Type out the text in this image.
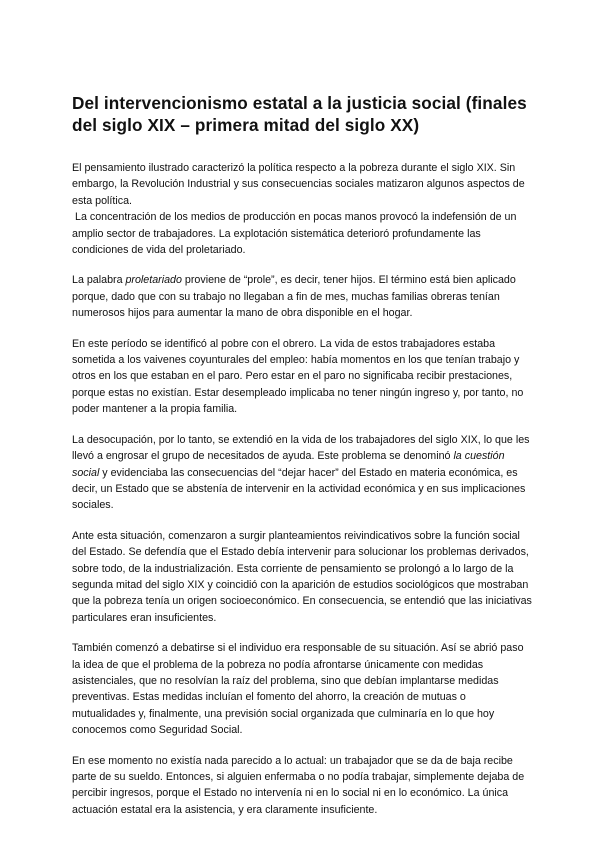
Del intervencionismo estatal a la justicia social (finales del siglo XIX – primera mitad del siglo XX)

El pensamiento ilustrado caracterizó la política respecto a la pobreza durante el siglo XIX. Sin embargo, la Revolución Industrial y sus consecuencias sociales matizaron algunos aspectos de esta política.

La concentración de los medios de producción en pocas manos provocó la indefensión de un amplio sector de trabajadores. La explotación sistemática deterioró profundamente las condiciones de vida del proletariado.

La palabra proletariado proviene de “prole”, es decir, tener hijos. El término está bien aplicado porque, dado que con su trabajo no llegaban a fin de mes, muchas familias obreras tenían numerosos hijos para aumentar la mano de obra disponible en el hogar.

En este período se identificó al pobre con el obrero. La vida de estos trabajadores estaba sometida a los vaivenes coyunturales del empleo: había momentos en los que tenían trabajo y otros en los que estaban en el paro. Pero estar en el paro no significaba recibir prestaciones, porque estas no existían. Estar desempleado implicaba no tener ningún ingreso y, por tanto, no poder mantener a la propia familia.

La desocupación, por lo tanto, se extendió en la vida de los trabajadores del siglo XIX, lo que les llevó a engrosar el grupo de necesitados de ayuda. Este problema se denominó la cuestión social y evidenciaba las consecuencias del “dejar hacer” del Estado en materia económica, es decir, un Estado que se abstenía de intervenir en la actividad económica y en sus implicaciones sociales.

Ante esta situación, comenzaron a surgir planteamientos reivindicativos sobre la función social del Estado. Se defendía que el Estado debía intervenir para solucionar los problemas derivados, sobre todo, de la industrialización. Esta corriente de pensamiento se prolongó a lo largo de la segunda mitad del siglo XIX y coincidió con la aparición de estudios sociológicos que mostraban que la pobreza tenía un origen socioeconómico. En consecuencia, se entendió que las iniciativas particulares eran insuficientes.

También comenzó a debatirse si el individuo era responsable de su situación. Así se abrió paso la idea de que el problema de la pobreza no podía afrontarse únicamente con medidas asistenciales, que no resolvían la raíz del problema, sino que debían implantarse medidas preventivas. Estas medidas incluían el fomento del ahorro, la creación de mutuas o mutualidades y, finalmente, una previsión social organizada que culminaría en lo que hoy conocemos como Seguridad Social.

En ese momento no existía nada parecido a lo actual: un trabajador que se da de baja recibe parte de su sueldo. Entonces, si alguien enfermaba o no podía trabajar, simplemente dejaba de percibir ingresos, porque el Estado no intervenía ni en lo social ni en lo económico. La única actuación estatal era la asistencia, y era claramente insuficiente.
